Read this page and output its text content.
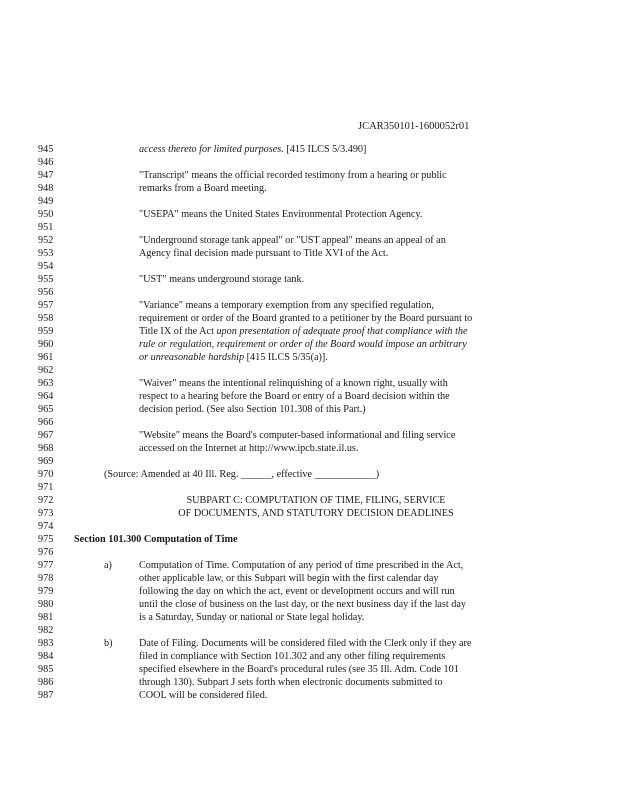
JCAR350101-1600052r01
945
946
947
948
949
950
951
952
953
954
955
956
957
958
959
960
961
962
963
964
965
966
967
968
969
970
971
972
973
974
975
976
977
978
979
980
981
982
983
984
985
986
987
access thereto for limited purposes. [415 ILCS 5/3.490]
"Transcript" means the official recorded testimony from a hearing or public
remarks from a Board meeting.
"USEPA" means the United States Environmental Protection Agency.
"Underground storage tank appeal" or "UST appeal" means an appeal of an
Agency final decision made pursuant to Title XVI of the Act.
"UST" means underground storage tank.
"Variance" means a temporary exemption from any specified regulation,
requirement or order of the Board granted to a petitioner by the Board pursuant to
Title IX of the Act upon presentation of adequate proof that compliance with the
rule or regulation, requirement or order of the Board would impose an arbitrary
or unreasonable hardship [415 ILCS 5/35(a)].
"Waiver" means the intentional relinquishing of a known right, usually with
respect to a hearing before the Board or entry of a Board decision within the
decision period. (See also Section 101.308 of this Part.)
"Website" means the Board's computer-based informational and filing service
accessed on the Internet at http://www.ipcb.state.il.us.
(Source: Amended at 40 Ill. Reg. ______, effective ____________)
SUBPART C: COMPUTATION OF TIME, FILING, SERVICE
OF DOCUMENTS, AND STATUTORY DECISION DEADLINES
Section 101.300 Computation of Time
a)	Computation of Time. Computation of any period of time prescribed in the Act,
other applicable law, or this Subpart will begin with the first calendar day
following the day on which the act, event or development occurs and will run
until the close of business on the last day, or the next business day if the last day
is a Saturday, Sunday or national or State legal holiday.
b)	Date of Filing. Documents will be considered filed with the Clerk only if they are
filed in compliance with Section 101.302 and any other filing requirements
specified elsewhere in the Board's procedural rules (see 35 Ill. Adm. Code 101
through 130). Subpart J sets forth when electronic documents submitted to
COOL will be considered filed.
